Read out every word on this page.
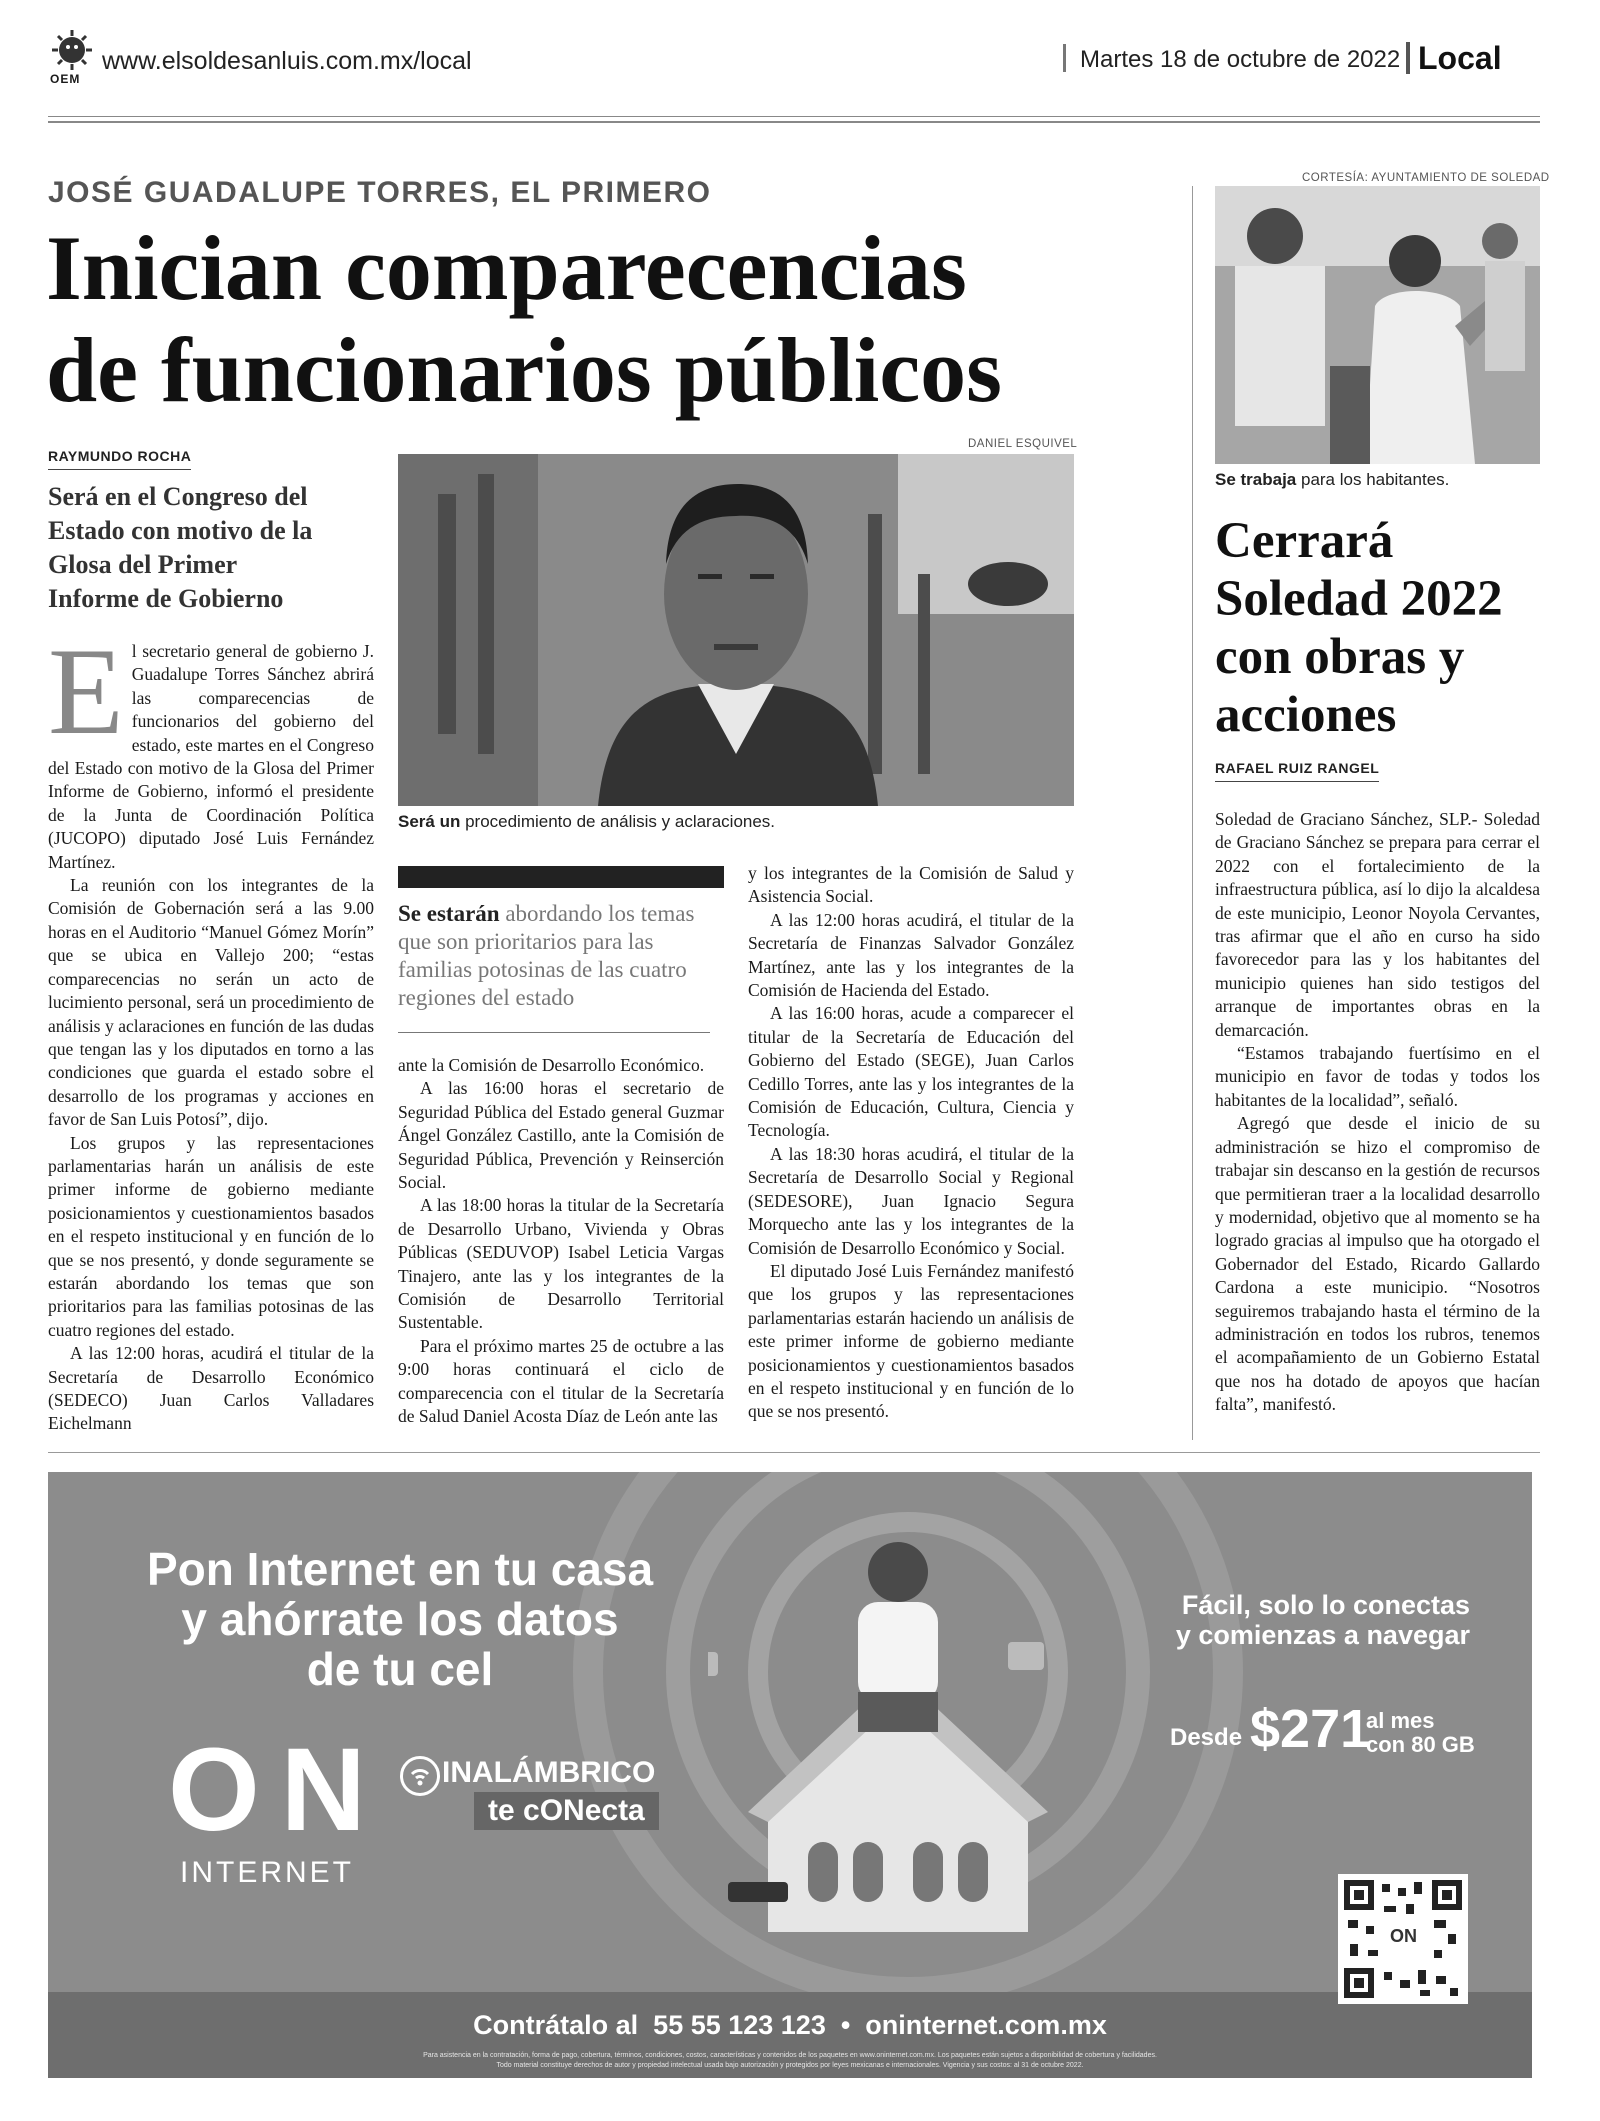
OEM
www.elsoldesanluis.com.mx/local	Martes 18 de octubre de 2022 Local
JOSÉ GUADALUPE TORRES, EL PRIMERO
Inician comparecencias
de funcionarios públicos
RAYMUNDO ROCHA
Será en el Congreso del Estado con motivo de la Glosa del Primer Informe de Gobierno
DANIEL ESQUIVEL
Será un procedimiento de análisis y aclaraciones.
E l secretario general de gobierno J. Guadalupe Torres Sánchez abrirá las comparecencias de funcionarios del gobierno del estado, este martes en el Congreso del Estado con motivo de la Glosa del Primer Informe de Gobierno, informó el presidente de la Junta de Coordinación Política (JUCOPO) diputado José Luis Fernández Martínez.

La reunión con los integrantes de la Comisión de Gobernación será a las 9.00 horas en el Auditorio “Manuel Gómez Morín” que se ubica en Vallejo 200; “estas comparecencias no serán un acto de lucimiento personal, será un procedimiento de análisis y aclaraciones en función de las dudas que tengan las y los diputados en torno a las condiciones que guarda el estado sobre el desarrollo de los programas y acciones en favor de San Luis Potosí”, dijo.

Los grupos y las representaciones parlamentarias harán un análisis de este primer informe de gobierno mediante posicionamientos y cuestionamientos basados en el respeto institucional y en función de lo que se nos presentó, y donde seguramente se estarán abordando los temas que son prioritarios para las familias potosinas de las cuatro regiones del estado.

A las 12:00 horas, acudirá el titular de la Secretaría de Desarrollo Económico (SEDECO) Juan Carlos Valladares Eichelmann

Se estarán abordando los temas que son prioritarios para las familias potosinas de las cuatro regiones del estado

ante la Comisión de Desarrollo Económico.

A las 16:00 horas el secretario de Seguridad Pública del Estado general Guzmar Ángel González Castillo, ante la Comisión de Seguridad Pública, Prevención y Reinserción Social.

A las 18:00 horas la titular de la Secretaría de Desarrollo Urbano, Vivienda y Obras Públicas (SEDUVOP) Isabel Leticia Vargas Tinajero, ante las y los integrantes de la Comisión de Desarrollo Territorial Sustentable.

Para el próximo martes 25 de octubre a las 9:00 horas continuará el ciclo de comparecencia con el titular de la Secretaría de Salud Daniel Acosta Díaz de León ante las

y los integrantes de la Comisión de Salud y Asistencia Social.

A las 12:00 horas acudirá, el titular de la Secretaría de Finanzas Salvador González Martínez, ante las y los integrantes de la Comisión de Hacienda del Estado.

A las 16:00 horas, acude a comparecer el titular de la Secretaría de Educación del Gobierno del Estado (SEGE), Juan Carlos Cedillo Torres, ante las y los integrantes de la Comisión de Educación, Cultura, Ciencia y Tecnología.

A las 18:30 horas acudirá, el titular de la Secretaría de Desarrollo Social y Regional (SEDESORE), Juan Ignacio Segura Morquecho ante las y los integrantes de la Comisión de Desarrollo Económico y Social.

El diputado José Luis Fernández manifestó que los grupos y las representaciones parlamentarias estarán haciendo un análisis de este primer informe de gobierno mediante posicionamientos y cuestionamientos basados en el respeto institucional y en función de lo que se nos presentó.

CORTESÍA: AYUNTAMIENTO DE SOLEDAD
Se trabaja para los habitantes.
Cerrará Soledad 2022 con obras y acciones
RAFAEL RUIZ RANGEL

Soledad de Graciano Sánchez, SLP.- Soledad de Graciano Sánchez se prepara para cerrar el 2022 con el fortalecimiento de la infraestructura pública, así lo dijo la alcaldesa de este municipio, Leonor Noyola Cervantes, tras afirmar que el año en curso ha sido favorecedor para las y los habitantes del municipio quienes han sido testigos del arranque de importantes obras en la demarcación.

“Estamos trabajando fuertísimo en el municipio en favor de todas y todos los habitantes de la localidad”, señaló.

Agregó que desde el inicio de su administración se hizo el compromiso de trabajar sin descanso en la gestión de recursos que permitieran traer a la localidad desarrollo y modernidad, objetivo que al momento se ha logrado gracias al impulso que ha otorgado el Gobernador del Estado, Ricardo Gallardo Cardona a este municipio. “Nosotros seguiremos trabajando hasta el término de la administración en todos los rubros, tenemos el acompañamiento de un Gobierno Estatal que nos ha dotado de apoyos que hacían falta”, manifestó.

Pon Internet en tu casa
y ahórrate los datos
de tu cel
O N
INTERNET
INALÁMBRICO
te cONecta
Fácil, solo lo conectas
y comienzas a navegar
Desde $271
al mes
con 80 GB
ON
Contrátalo al  55 55 123 123  •  oninternet.com.mx
Para asistencia en la contratación, forma de pago, cobertura, términos, condiciones, costos, características y contenidos de los paquetes en www.oninternet.com.mx. Los paquetes están sujetos a disponibilidad de cobertura y facilidades.
Todo material constituye derechos de autor y propiedad intelectual usada bajo autorización y protegidos por leyes mexicanas e internacionales. Vigencia y sus costos: al 31 de octubre 2022.
